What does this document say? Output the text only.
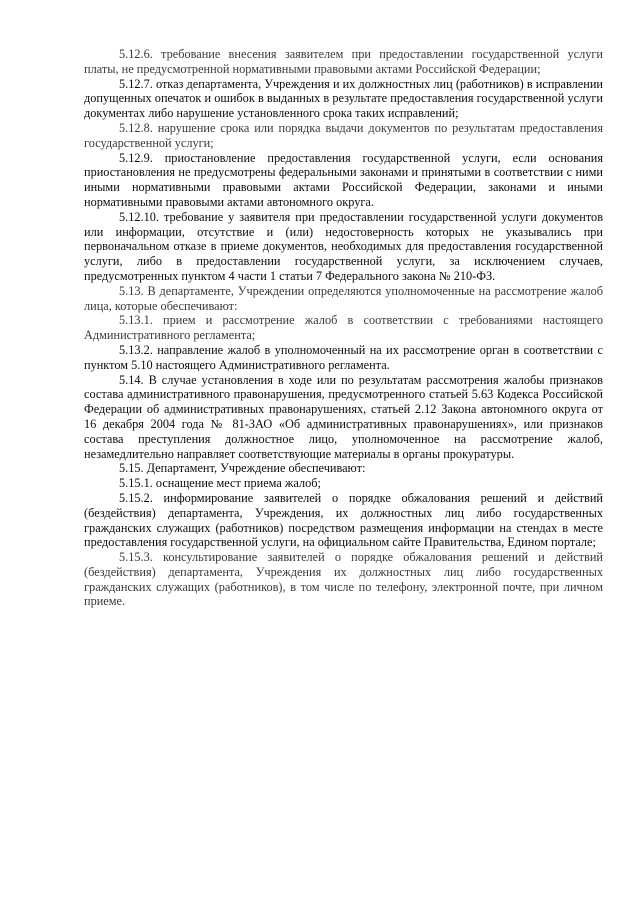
5.12.6. требование внесения заявителем при предоставлении государственной услуги платы, не предусмотренной нормативными правовыми актами Российской Федерации;

5.12.7. отказ департамента, Учреждения и их должностных лиц (работников) в исправлении допущенных опечаток и ошибок в выданных в результате предоставления государственной услуги документах либо нарушение установленного срока таких исправлений;

5.12.8. нарушение срока или порядка выдачи документов по результатам предоставления государственной услуги;

5.12.9. приостановление предоставления государственной услуги, если основания приостановления не предусмотрены федеральными законами и принятыми в соответствии с ними иными нормативными правовыми актами Российской Федерации, законами и иными нормативными правовыми актами автономного округа.

5.12.10. требование у заявителя при предоставлении государственной услуги документов или информации, отсутствие и (или) недостоверность которых не указывались при первоначальном отказе в приеме документов, необходимых для предоставления государственной услуги, либо в предоставлении государственной услуги, за исключением случаев, предусмотренных пунктом 4 части 1 статьи 7 Федерального закона № 210-ФЗ.

5.13. В департаменте, Учреждении определяются уполномоченные на рассмотрение жалоб лица, которые обеспечивают:

5.13.1. прием и рассмотрение жалоб в соответствии с требованиями настоящего Административного регламента;

5.13.2. направление жалоб в уполномоченный на их рассмотрение орган в соответствии с пунктом 5.10 настоящего Административного регламента.

5.14. В случае установления в ходе или по результатам рассмотрения жалобы признаков состава административного правонарушения, предусмотренного статьей 5.63 Кодекса Российской Федерации об административных правонарушениях, статьей 2.12 Закона автономного округа от 16 декабря 2004 года № 81-ЗАО «Об административных правонарушениях», или признаков состава преступления должностное лицо, уполномоченное на рассмотрение жалоб, незамедлительно направляет соответствующие материалы в органы прокуратуры.

5.15. Департамент, Учреждение обеспечивают:

5.15.1. оснащение мест приема жалоб;

5.15.2. информирование заявителей о порядке обжалования решений и действий (бездействия) департамента, Учреждения, их должностных лиц либо государственных гражданских служащих (работников) посредством размещения информации на стендах в месте предоставления государственной услуги, на официальном сайте Правительства, Едином портале;

5.15.3. консультирование заявителей о порядке обжалования решений и действий (бездействия) департамента, Учреждения их должностных лиц либо государственных гражданских служащих (работников), в том числе по телефону, электронной почте, при личном приеме.
